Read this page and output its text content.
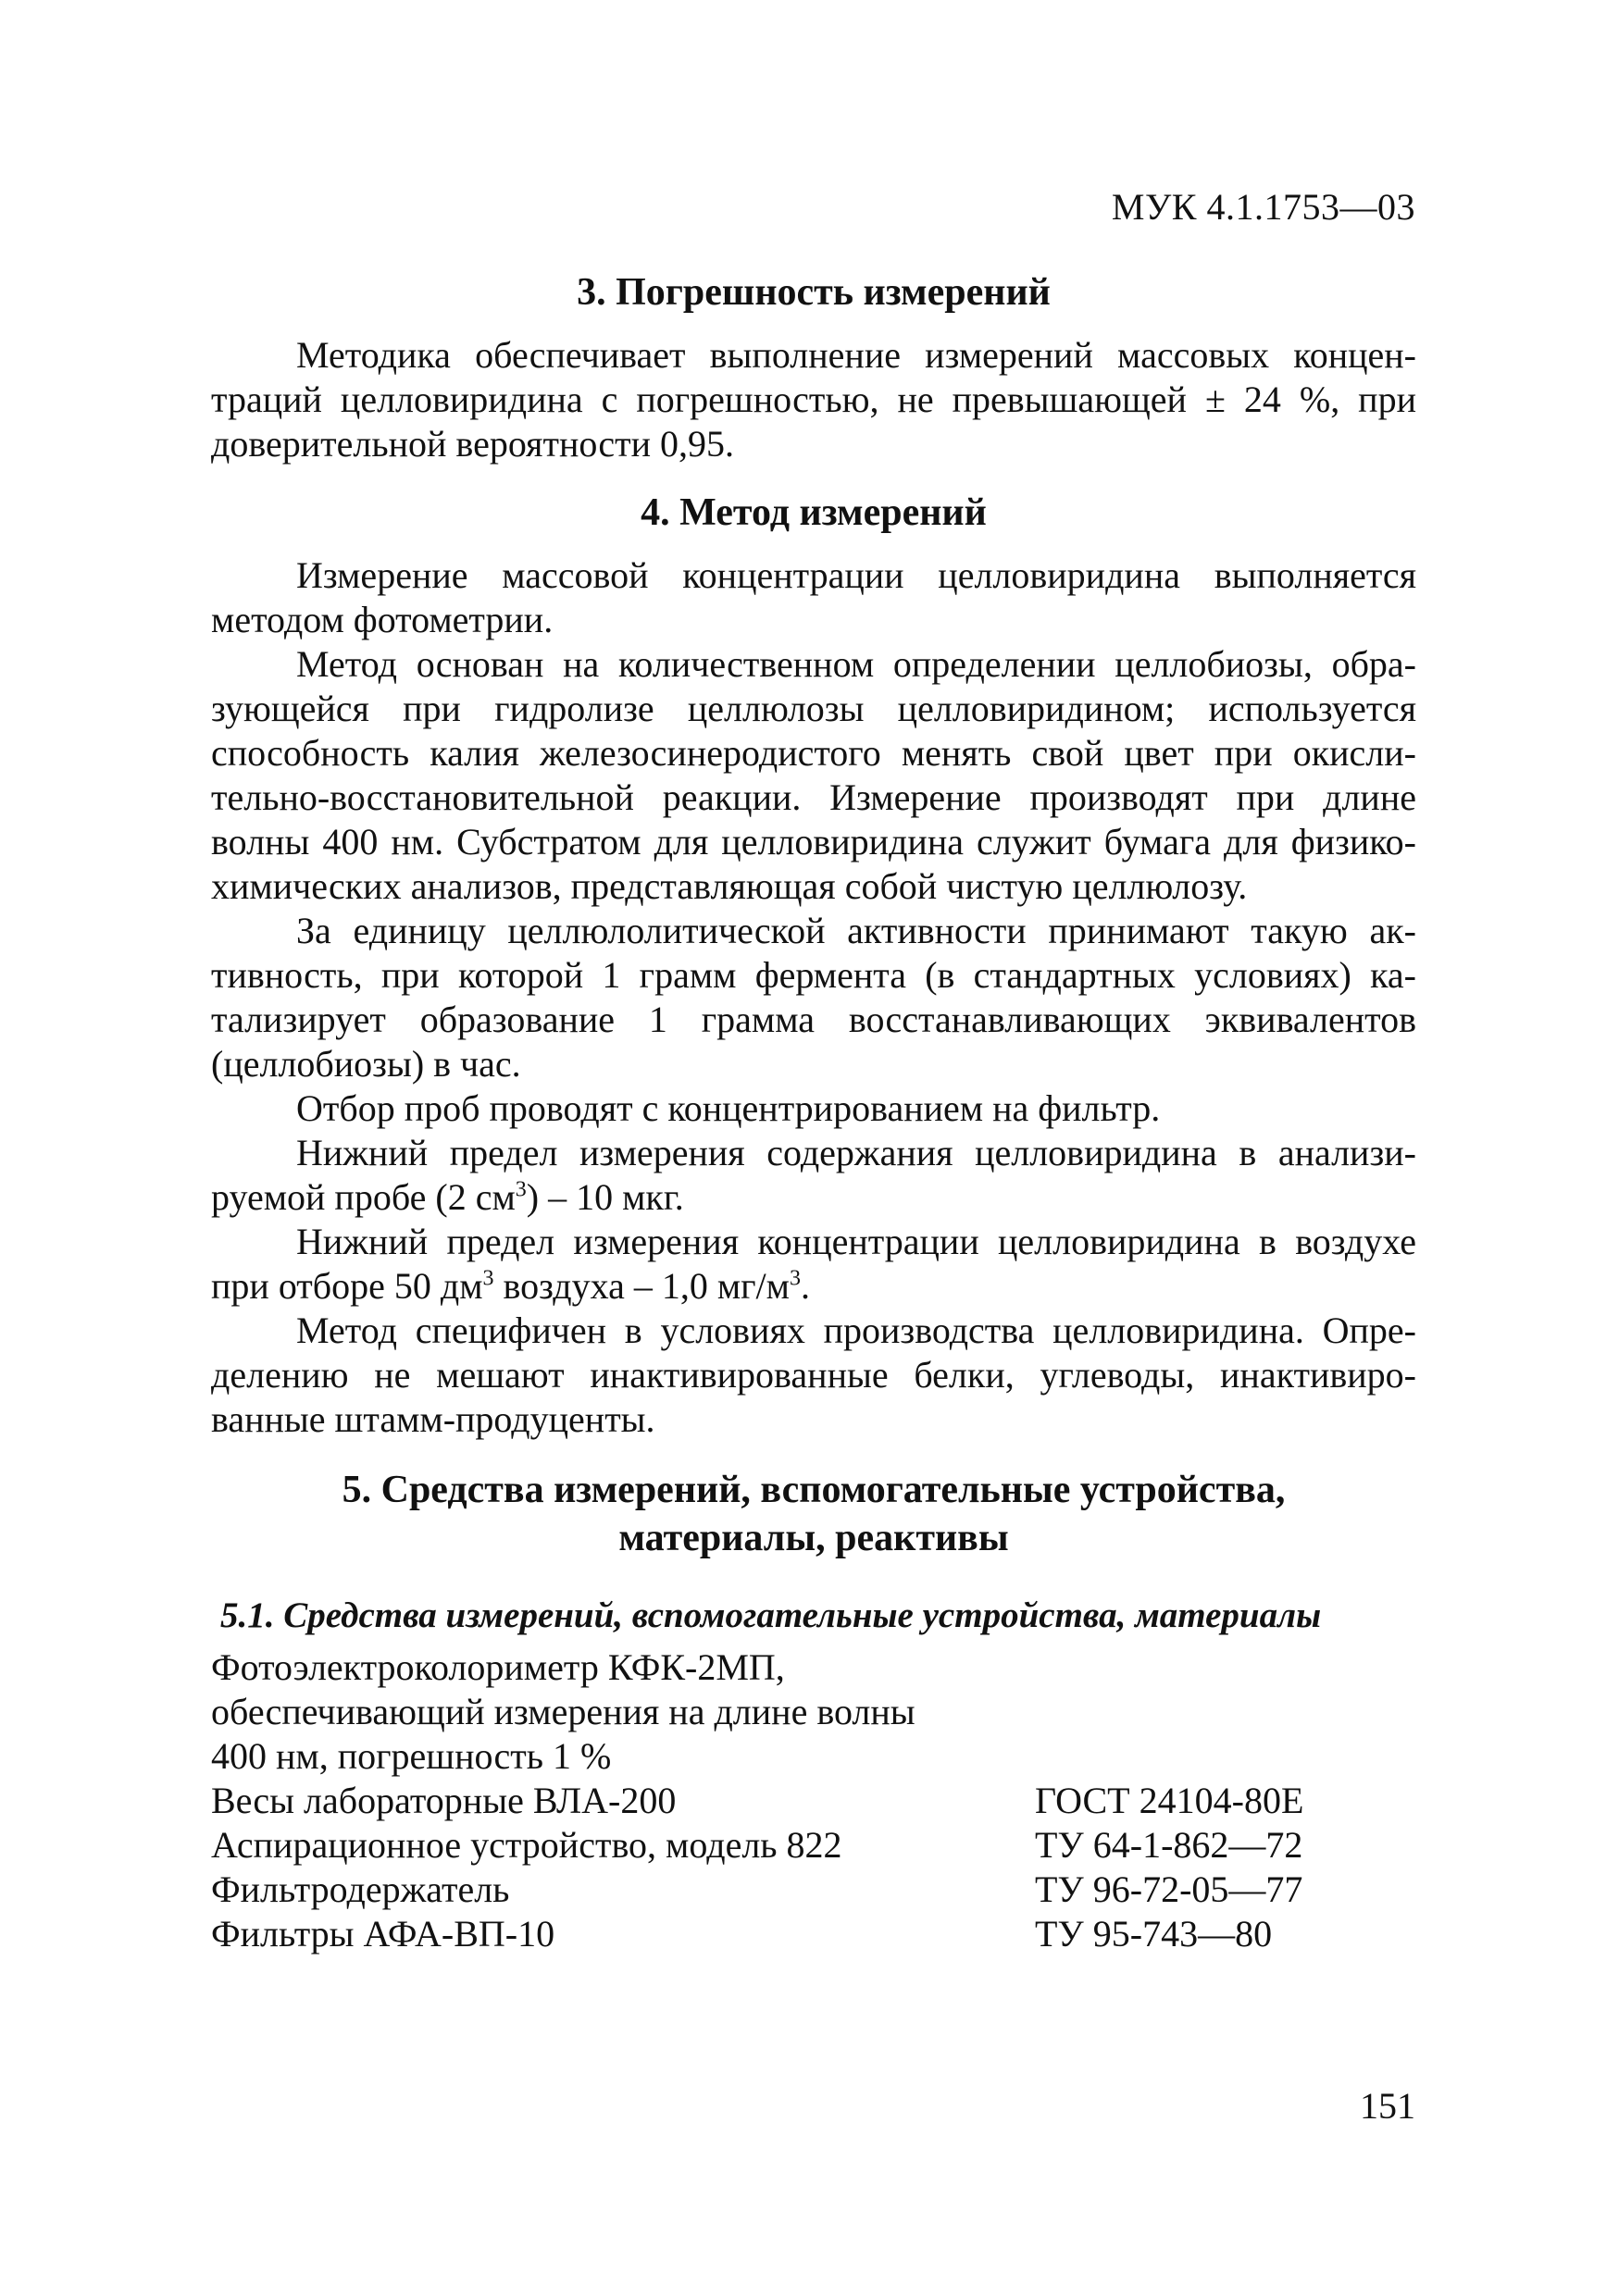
МУК 4.1.1753—03
3. Погрешность измерений

Методика обеспечивает выполнение измерений массовых концентраций целловиридина с погрешностью, не превышающей ± 24 %, при доверительной вероятности 0,95.

4. Метод измерений

Измерение массовой концентрации целловиридина выполняется методом фотометрии.

Метод основан на количественном определении целлобиозы, образующейся при гидролизе целлюлозы целловиридином; используется способность калия железосинеродистого менять свой цвет при окислительно-восстановительной реакции. Измерение производят при длине волны 400 нм. Субстратом для целловиридина служит бумага для физико-химических анализов, представляющая собой чистую целлюлозу.

За единицу целлюлолитической активности принимают такую активность, при которой 1 грамм фермента (в стандартных условиях) катализирует образование 1 грамма восстанавливающих эквивалентов (целлобиозы) в час.

Отбор проб проводят с концентрированием на фильтр.

Нижний предел измерения содержания целловиридина в анализируемой пробе (2 $см^3) - 10$ мкг.

Нижний предел измерения концентрации целловиридина в воздухе при отборе 50 $дм^3$ воздуха – 1,0 $мг/м^3$.

Метод специфичен в условиях производства целловиридина. Определению не мешают инактивированные белки, углеводы, инактивированные штамм-продуценты.

5. Средства измерений, вспомогательные устройства,
материалы, реактивы

5.1. Средства измерений, вспомогательные устройства, материалы

Фотоэлектроколориметр КФК-2МП,
обеспечивающий измерения на длине волны
400 нм, погрешность 1 %
Весы лабораторные ВЛА-200	ГОСТ 24104-80Е
Аспирационное устройство, модель 822	ТУ 64-1-862—72
Фильтродержатель	ТУ 96-72-05—77
Фильтры АФА-ВП-10	ТУ 95-743—80
151
